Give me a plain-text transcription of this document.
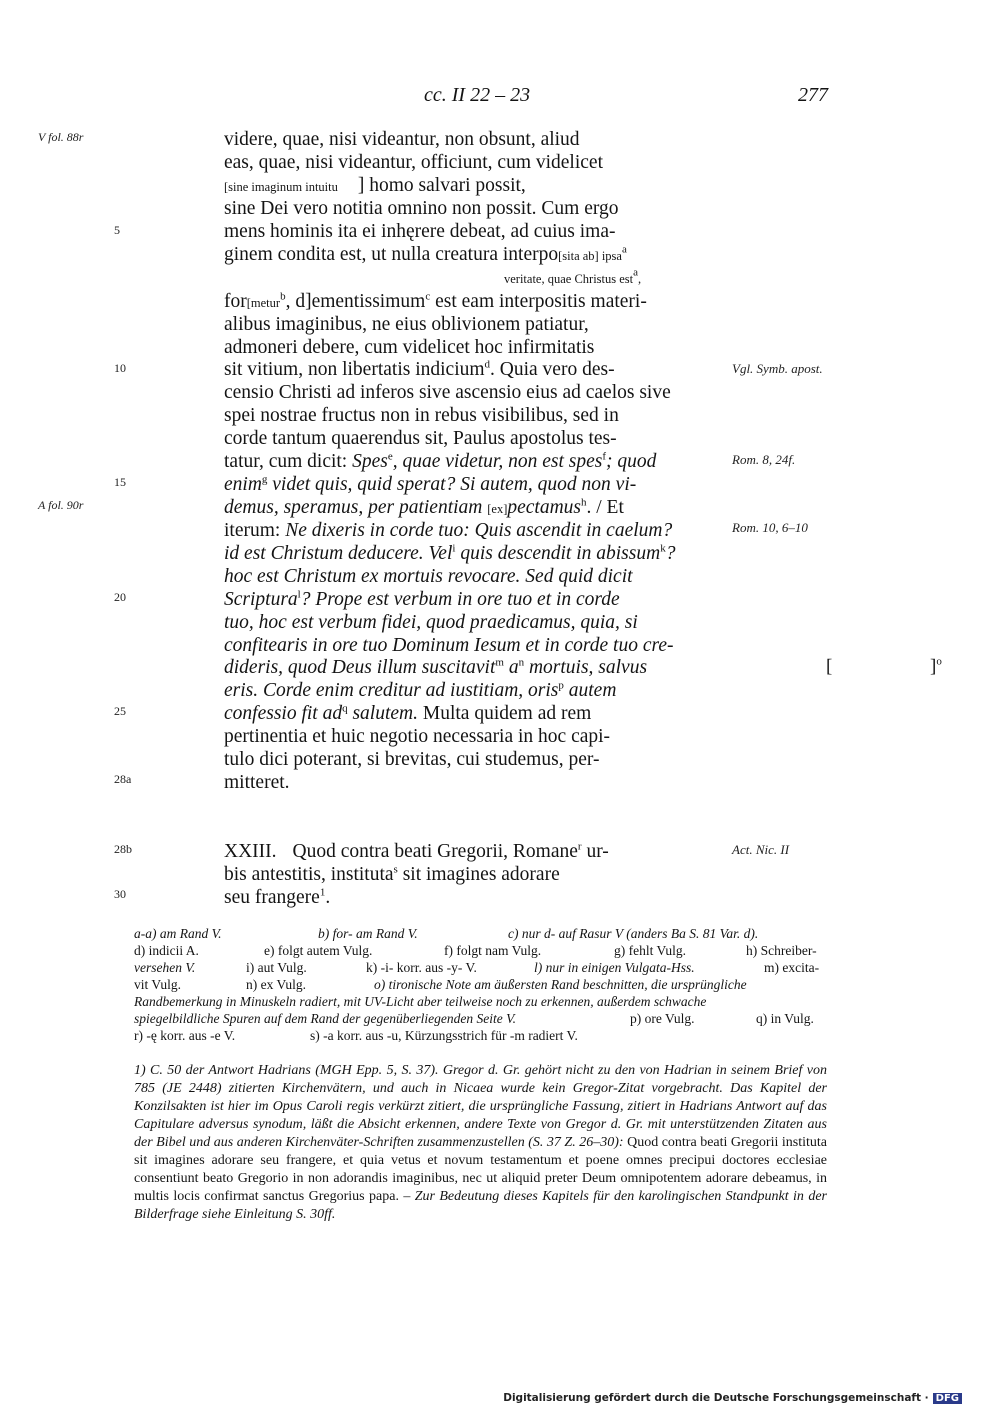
cc. II 22 – 23	277
V fol. 88r
5
10
15
A fol. 90r
20
25
28a
28b
30
Vgl. Symb. apost.
Rom. 8, 24f.
Rom. 10, 6–10
[	]$^o$
Act. Nic. II
videre, quae, nisi videantur, non obsunt, aliud
eas, quae, nisi videantur, officiunt, cum videlicet
[sine imaginum intuitu ] homo salvari possit,
sine Dei vero notitia omnino non possit. Cum ergo
mens hominis ita ei inhęrere debeat, ad cuius ima-
ginem condita est, ut nulla creatura interpo[sita ab] ipsa$^a$
veritate, quae Christus est$^a$,
for[metur$^b$, d]ementissimum$^c$ est eam interpositis materi-
alibus imaginibus, ne eius oblivionem patiatur,
admoneri debere, cum videlicet hoc infirmitatis
sit vitium, non libertatis indicium$^d$. Quia vero des-
censio Christi ad inferos sive ascensio eius ad caelos sive
spei nostrae fructus non in rebus visibilibus, sed in
corde tantum quaerendus sit, Paulus apostolus tes-
tatur, cum dicit: Spes$^e$, quae videtur, non est spes$^f$; quod
enim$^g$ videt quis, quid sperat? Si autem, quod non vi-
demus, speramus, per patientiam [ex]pectamus$^h$. / Et
iterum: Ne dixeris in corde tuo: Quis ascendit in caelum?
id est Christum deducere. Vel$^i$ quis descendit in abissum$^k$?
hoc est Christum ex mortuis revocare. Sed quid dicit
Scriptura$^l$? Prope est verbum in ore tuo et in corde
tuo, hoc est verbum fidei, quod praedicamus, quia, si
confitearis in ore tuo Dominum Iesum et in corde tuo cre-
dideris, quod Deus illum suscitavit$^m$ $a^n$ mortuis, salvus
eris. Corde enim creditur ad iustitiam, oris$^p$ autem
confessio fit $ad^q$ salutem. Multa quidem ad rem
pertinentia et huic negotio necessaria in hoc capi-
tulo dici poterant, si brevitas, cui studemus, per-
mitteret.
XXIII. Quod contra beati Gregorii, Romane$^r$ ur-
bis antestitis, instituta$^s$ sit imagines adorare
seu frangere$^1$.
a-a) am Rand V.	b) for- am Rand V.	c) nur d- auf Rasur V (anders Ba S. 81 Var. d).
d) indicii A.	e) folgt autem Vulg.	f) folgt nam Vulg.	g) fehlt Vulg.	h) Schreiber-
versehen V.	i) aut Vulg.	k) -i- korr. aus -y- V.	l) nur in einigen Vulgata-Hss.	m) excita-
vit Vulg.	n) ex Vulg.	o) tironische Note am äußersten Rand beschnitten, die ursprüngliche
Randbemerkung in Minuskeln radiert, mit UV-Licht aber teilweise noch zu erkennen, außerdem schwache
spiegelbildliche Spuren auf dem Rand der gegenüberliegenden Seite V.	p) ore Vulg.	q) in Vulg.
r) -ę korr. aus -e V.	s) -a korr. aus -u, Kürzungsstrich für -m radiert V.
1) C. 50 der Antwort Hadrians (MGH Epp. 5, S. 37). Gregor d. Gr. gehört nicht zu den von Hadrian in seinem Brief von 785 (JE 2448) zitierten Kirchenvätern, und auch in Nicaea wurde kein Gregor-Zitat vorgebracht. Das Kapitel der Konzilsakten ist hier im Opus Caroli regis verkürzt zitiert, die ursprüngliche Fassung, zitiert in Hadrians Antwort auf das Capitulare adversus synodum, läßt die Absicht erkennen, andere Texte von Gregor d. Gr. mit unterstützenden Zitaten aus der Bibel und aus anderen Kirchenväter-Schriften zusammenzustellen (S. 37 Z. 26–30): Quod contra beati Gregorii instituta sit imagines adorare seu frangere, et quia vetus et novum testamentum et poene omnes precipui doctores ecclesiae consentiunt beato Gregorio in non adorandis imaginibus, nec ut aliquid preter Deum omnipotentem adorare debeamus, in multis locis confirmat sanctus Gregorius papa. – Zur Bedeutung dieses Kapitels für den karolingischen Standpunkt in der Bilderfrage siehe Einleitung S. 30ff.
Digitalisierung gefördert durch die Deutsche Forschungsgemeinschaft · DFG
